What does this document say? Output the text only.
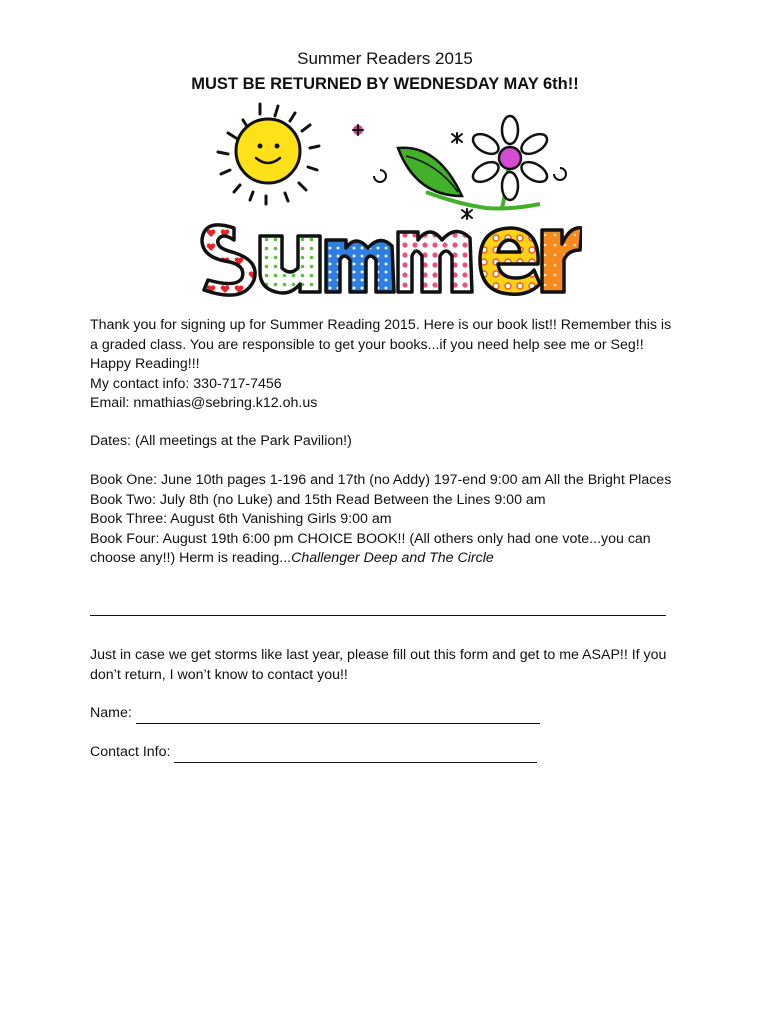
Summer Readers 2015
MUST BE RETURNED BY WEDNESDAY MAY 6th!!

Thank you for signing up for Summer Reading 2015. Here is our book list!! Remember this is

a graded class. You are responsible to get your books...if you need help see me or Seg!!

Happy Reading!!!

My contact info: 330-717-7456

Email: nmathias@sebring.k12.oh.us

Dates: (All meetings at the Park Pavilion!)

Book One: June 10th pages 1-196 and 17th (no Addy) 197-end 9:00 am All the Bright Places

Book Two: July 8th (no Luke) and 15th Read Between the Lines 9:00 am

Book Three: August 6th Vanishing Girls 9:00 am

Book Four: August 19th 6:00 pm CHOICE BOOK!! (All others only had one vote...you can

choose any!!) Herm is reading...Challenger Deep and The Circle

Just in case we get storms like last year, please fill out this form and get to me ASAP!! If you

don’t return, I won’t know to contact you!!

Name:

Contact Info:
